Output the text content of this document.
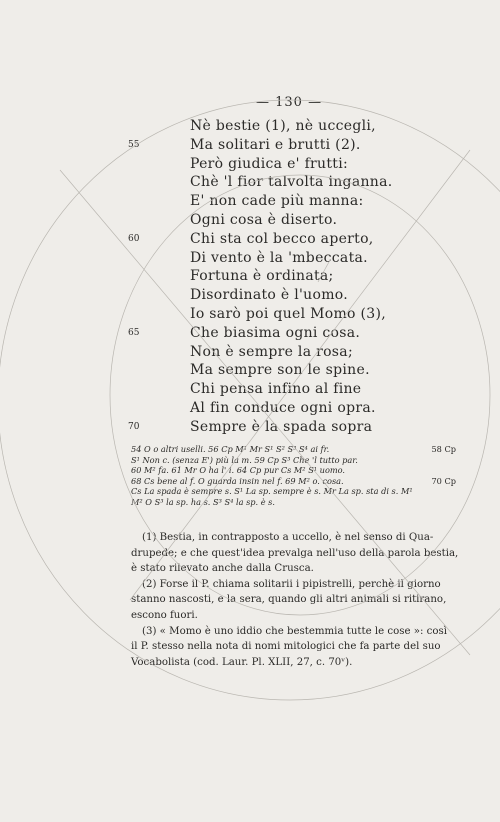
— 130 —
Nè bestie (1), nè uccegli,
Ma solitari e brutti (2).
55
Però giudica e' frutti:
Chè 'l fior talvolta inganna.
E' non cade più manna:
Ogni cosa è diserto.
Chi sta col becco aperto,
60
Di vento è la 'mbeccata.
Fortuna è ordinata;
Disordinato è l'uomo.
Io sarò poi quel Momo (3),
Che biasima ogni cosa.
65
Non è sempre la rosa;
Ma sempre son le spine.
Chi pensa infino al fine
Al fin conduce ogni opra.
Sempre è la spada sopra
70
54 O o altri uselli. 56 Cp M¹ Mr S¹ S² S³ S⁴ ai fr.	58 Cp
S¹ Non c. (senza E') più la m. 59 Cp S³ Che 'l tutto par.
60 M² fa. 61 Mr O ha l' i. 64 Cp pur Cs M² S¹ uomo.
68 Cs bene al f. O guarda insin nel f. 69 M² o. cosa.	70 Cp
Cs La spada è sempre s. S¹ La sp. sempre è s. Mr La sp. sta di s. M¹
M² O S³ la sp. ha s. S³ S⁴ la sp. è s.
(1) Bestia, in contrapposto a uccello, è nel senso di Qua-
drupede; e che quest'idea prevalga nell'uso della parola bestia,
è stato rilevato anche dalla Crusca.
(2) Forse il P. chiama solitarii i pipistrelli, perchè il giorno
stanno nascosti, e la sera, quando gli altri animali si ritirano,
escono fuori.
(3) « Momo è uno iddio che bestemmia tutte le cose »: così
il P. stesso nella nota di nomi mitologici che fa parte del suo
Vocabolista (cod. Laur. Pl. XLII, 27, c. 70ᵛ).
